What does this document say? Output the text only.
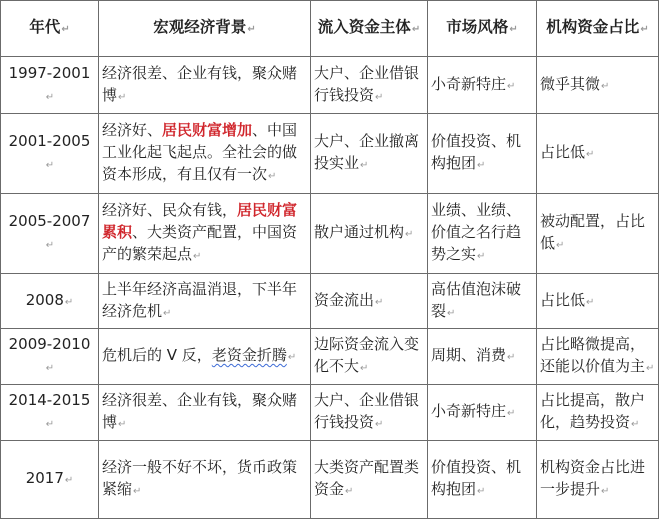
年代↵	宏观经济背景↵	流入资金主体↵	市场风格↵	机构资金占比↵
1997-2001↵	经济很差、企业有钱，聚众赌博↵	大户、企业借银行钱投资↵	小奇新特庄↵	微乎其微↵
2001-2005↵	经济好、居民财富增加、中国工业化起飞起点。全社会的做资本形成，有且仅有一次↵	大户、企业撤离投实业↵	价值投资、机构抱团↵	占比低↵
2005-2007↵	经济好、民众有钱，居民财富累积、大类资产配置，中国资产的繁荣起点↵	散户通过机构↵	业绩、业绩、价值之名行趋势之实↵	被动配置，占比低↵
2008↵	上半年经济高温消退，下半年经济危机↵	资金流出↵	高估值泡沫破裂↵	占比低↵
2009-2010↵	危机后的 V 反，老资金折腾↵	边际资金流入变化不大↵	周期、消费↵	占比略微提高，还能以价值为主↵
2014-2015↵	经济很差、企业有钱，聚众赌博↵	大户、企业借银行钱投资↵	小奇新特庄↵	占比提高，散户化，趋势投资↵
2017↵	经济一般不好不坏，货币政策紧缩↵	大类资产配置类资金↵	价值投资、机构抱团↵	机构资金占比进一步提升↵
